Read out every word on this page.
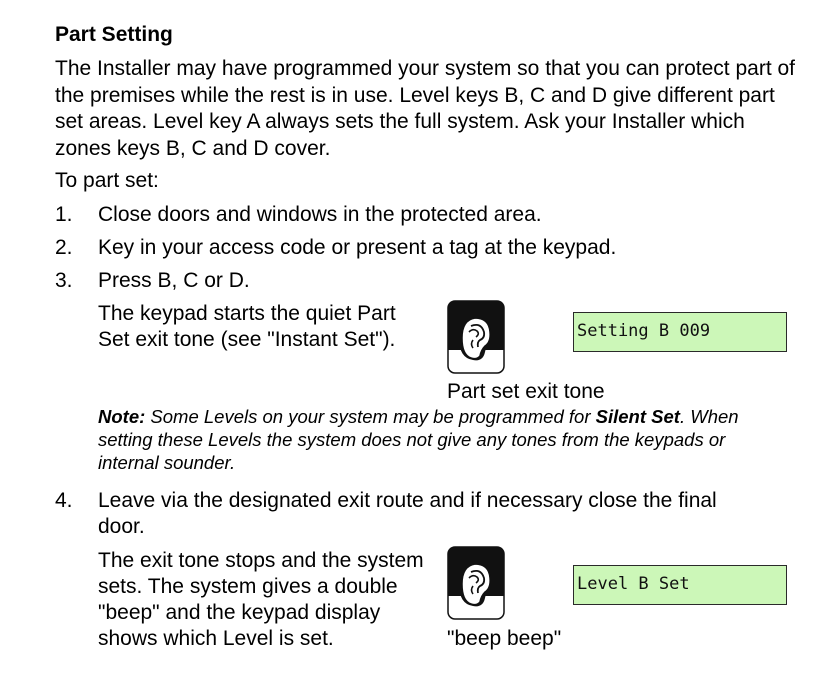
Part Setting
The Installer may have programmed your system so that you can protect part of the premises while the rest is in use. Level keys B, C and D give different part set areas. Level key A always sets the full system. Ask your Installer which zones keys B, C and D cover.
To part set:
1. Close doors and windows in the protected area.
2. Key in your access code or present a tag at the keypad.
3. Press B, C or D.
The keypad starts the quiet Part Set exit tone (see "Instant Set").	Setting B 009
Part set exit tone
Note: Some Levels on your system may be programmed for Silent Set. When setting these Levels the system does not give any tones from the keypads or internal sounder.
4. Leave via the designated exit route and if necessary close the final door.
The exit tone stops and the system sets. The system gives a double "beep" and the keypad display shows which Level is set.
Level B Set
"beep beep"
